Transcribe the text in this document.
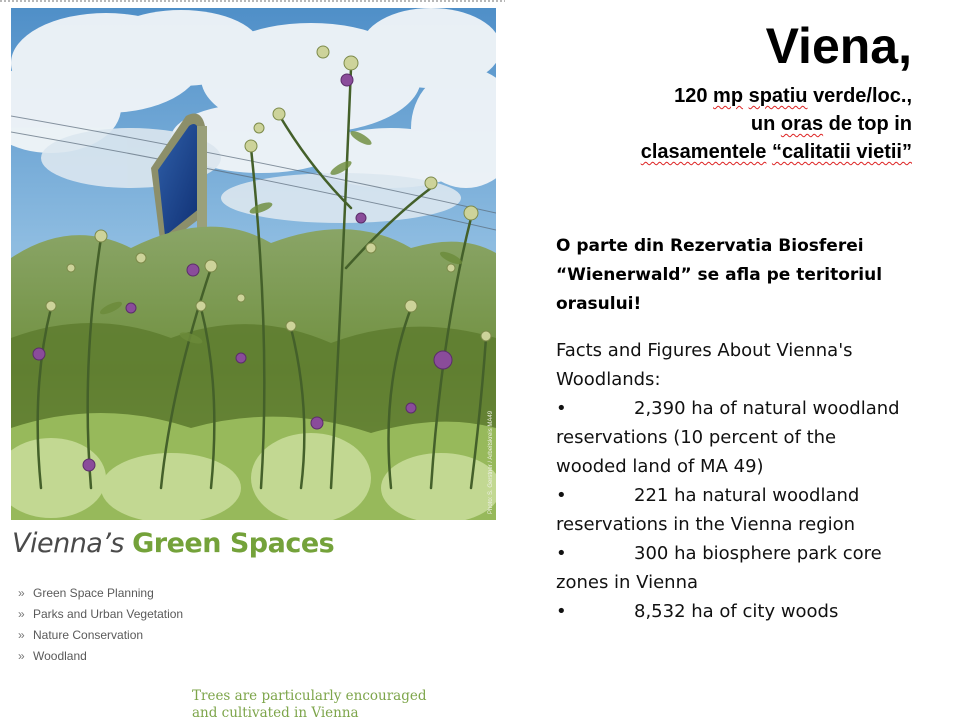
Photo: S. Gerstner / Arbeitskreis MA49
Vienna’s Green Spaces
» Green Space Planning
» Parks and Urban Vegetation
» Nature Conservation
» Woodland
Trees are particularly encouraged
and cultivated in Vienna
Viena,
120 mp spatiu verde/loc.,
un oras de top in
clasamentele “calitatii vietii”
O parte din Rezervatia Biosferei
“Wienerwald” se afla pe teritoriul
orasului!
Facts and Figures About Vienna's
Woodlands:
•	2,390 ha of natural woodland
reservations (10 percent of the
wooded land of MA 49)
•	221 ha natural woodland
reservations in the Vienna region
•	300 ha biosphere park core
zones in Vienna
•	8,532 ha of city woods
